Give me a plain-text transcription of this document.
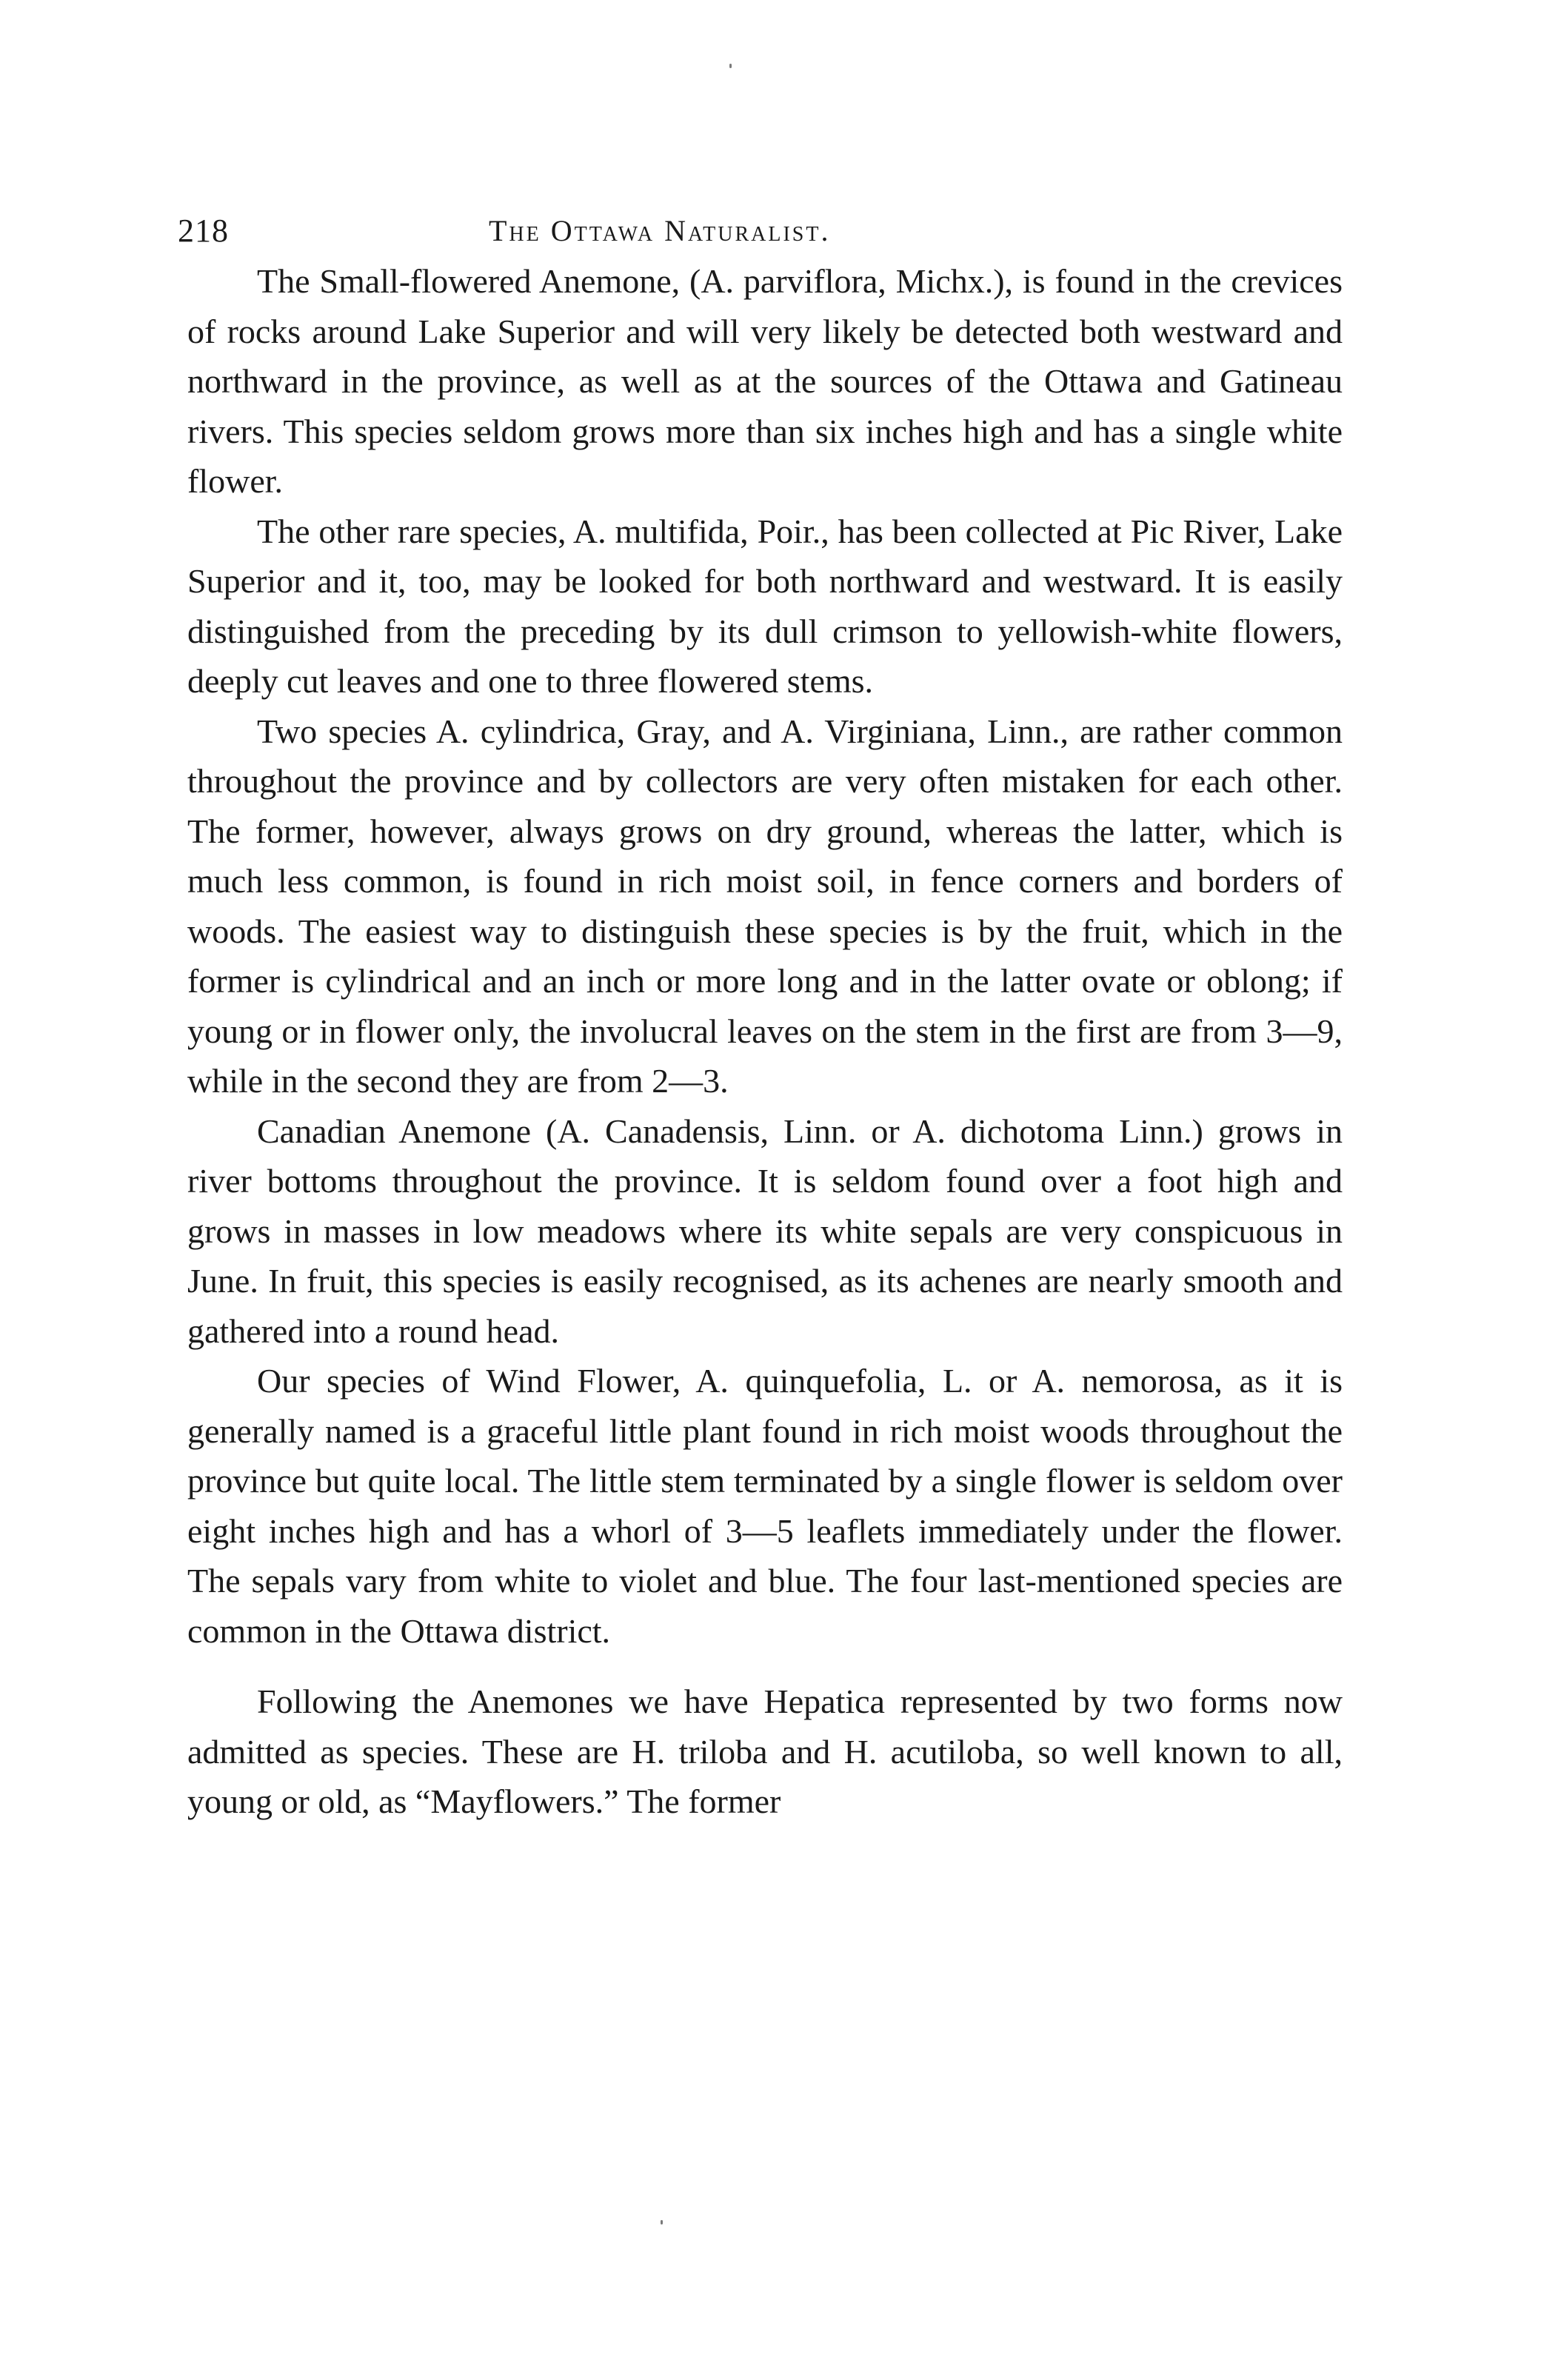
218	The Ottawa Naturalist.

The Small-flowered Anemone, (A. parviflora, Michx.), is found in the crevices of rocks around Lake Superior and will very likely be detected both westward and northward in the province, as well as at the sources of the Ottawa and Gatineau rivers. This species seldom grows more than six inches high and has a single white flower.

The other rare species, A. multifida, Poir., has been collected at Pic River, Lake Superior and it, too, may be looked for both northward and westward. It is easily distinguished from the preceding by its dull crimson to yellowish-white flowers, deeply cut leaves and one to three flowered stems.

Two species A. cylindrica, Gray, and A. Virginiana, Linn., are rather common throughout the province and by collectors are very often mistaken for each other. The former, however, always grows on dry ground, whereas the latter, which is much less common, is found in rich moist soil, in fence corners and borders of woods. The easiest way to distinguish these species is by the fruit, which in the former is cylindrical and an inch or more long and in the latter ovate or oblong; if young or in flower only, the involucral leaves on the stem in the first are from 3—9, while in the second they are from 2—3.

Canadian Anemone (A. Canadensis, Linn. or A. dichotoma Linn.) grows in river bottoms throughout the province. It is seldom found over a foot high and grows in masses in low meadows where its white sepals are very conspicuous in June. In fruit, this species is easily recognised, as its achenes are nearly smooth and gathered into a round head.

Our species of Wind Flower, A. quinquefolia, L. or A. nemorosa, as it is generally named is a graceful little plant found in rich moist woods throughout the province but quite local. The little stem terminated by a single flower is seldom over eight inches high and has a whorl of 3—5 leaflets immediately under the flower. The sepals vary from white to violet and blue. The four last-mentioned species are common in the Ottawa district.

Following the Anemones we have Hepatica represented by two forms now admitted as species. These are H. triloba and H. acutiloba, so well known to all, young or old, as “Mayflowers.” The former
